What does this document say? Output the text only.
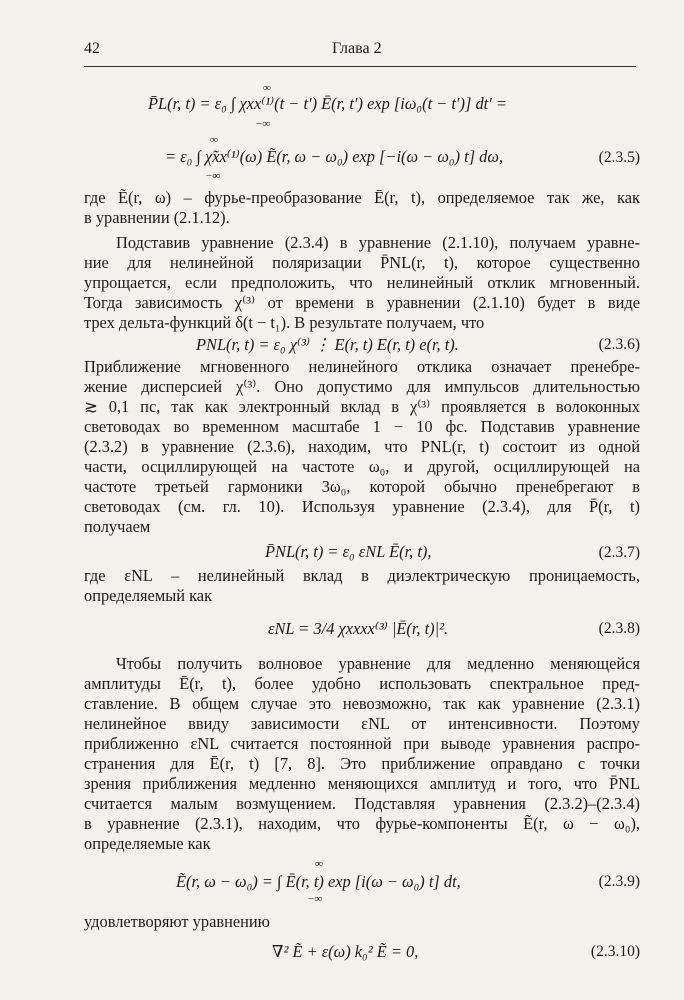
42	Глава 2
∞
P̄L(r, t) = ε₀ ∫ χxx⁽¹⁾(t − t′) Ē(r, t′) exp [iω₀(t − t′)] dt′ =
−∞
∞
= ε₀ ∫ χ̃xx⁽¹⁾(ω) Ẽ(r, ω − ω₀) exp [−i(ω − ω₀) t] dω,	(2.3.5)
−∞
где Ẽ(r, ω) – фурье-преобразование Ē(r, t), определяемое так же, как
в уравнении (2.1.12).
Подставив уравнение (2.3.4) в уравнение (2.1.10), получаем уравне-
ние для нелинейной поляризации P̄NL(r, t), которое существенно
упрощается, если предположить, что нелинейный отклик мгновенный.
Тогда зависимость χ⁽³⁾ от времени в уравнении (2.1.10) будет в виде
трех дельта-функций δ(t − t₁). В результате получаем, что
PNL(r, t) = ε₀ χ⁽³⁾ ⋮ E(r, t) E(r, t) e(r, t).	(2.3.6)
Приближение мгновенного нелинейного отклика означает пренебре-
жение дисперсией χ⁽³⁾. Оно допустимо для импульсов длительностью
≳ 0,1 пс, так как электронный вклад в χ⁽³⁾ проявляется в волоконных
световодах во временном масштабе 1 − 10 фс. Подставив уравнение
(2.3.2) в уравнение (2.3.6), находим, что PNL(r, t) состоит из одной
части, осциллирующей на частоте ω₀, и другой, осциллирующей на
частоте третьей гармоники 3ω₀, которой обычно пренебрегают в
световодах (см. гл. 10). Используя уравнение (2.3.4), для P̄(r, t)
получаем
P̄NL(r, t) = ε₀ εNL Ē(r, t),	(2.3.7)
где εNL – нелинейный вклад в диэлектрическую проницаемость,
определяемый как
εNL = 3/4 χxxxx⁽³⁾ |Ē(r, t)|².	(2.3.8)
Чтобы получить волновое уравнение для медленно меняющейся
амплитуды Ē(r, t), более удобно использовать спектральное пред-
ставление. В общем случае это невозможно, так как уравнение (2.3.1)
нелинейное ввиду зависимости εNL от интенсивности. Поэтому
приближенно εNL считается постоянной при выводе уравнения распро-
странения для Ē(r, t) [7, 8]. Это приближение оправдано с точки
зрения приближения медленно меняющихся амплитуд и того, что P̄NL
считается малым возмущением. Подставляя уравнения (2.3.2)–(2.3.4)
в уравнение (2.3.1), находим, что фурье-компоненты Ẽ(r, ω − ω₀),
определяемые как
∞
Ẽ(r, ω − ω₀) = ∫ Ē(r, t) exp [i(ω − ω₀) t] dt,	(2.3.9)
−∞
удовлетворяют уравнению
∇² Ẽ + ε(ω) k₀² Ẽ = 0,	(2.3.10)
